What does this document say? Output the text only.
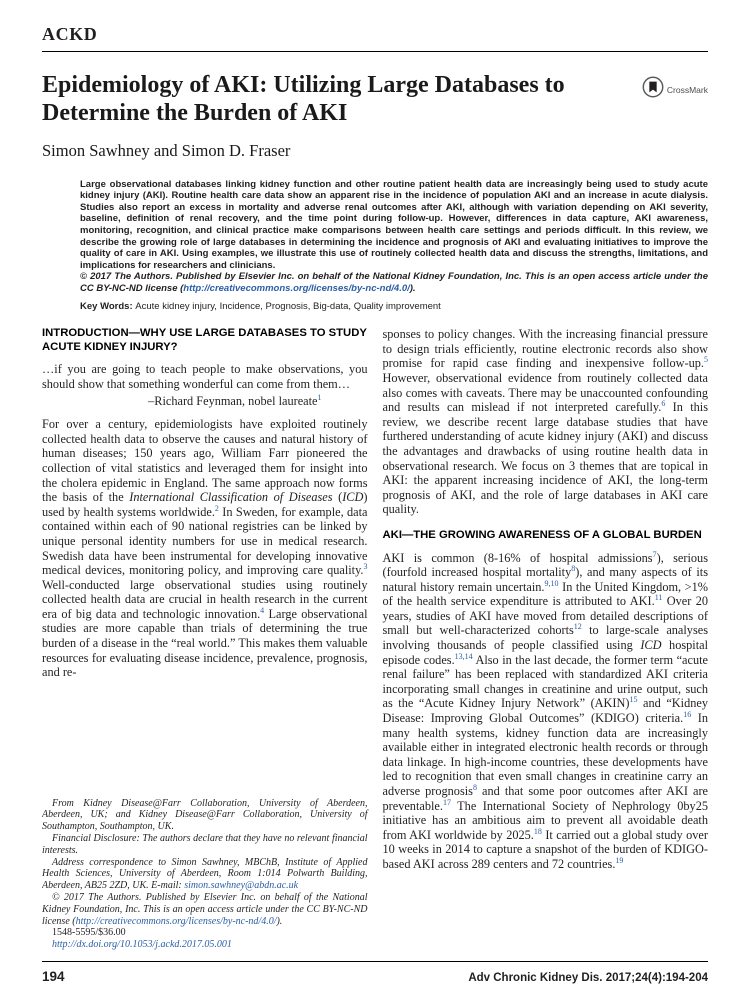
ACKD
Epidemiology of AKI: Utilizing Large Databases to Determine the Burden of AKI
CrossMark
Simon Sawhney and Simon D. Fraser

Large observational databases linking kidney function and other routine patient health data are increasingly being used to study acute kidney injury (AKI). Routine health care data show an apparent rise in the incidence of population AKI and an increase in acute dialysis. Studies also report an excess in mortality and adverse renal outcomes after AKI, although with variation depending on AKI severity, baseline, definition of renal recovery, and the time point during follow-up. However, differences in data capture, AKI awareness, monitoring, recognition, and clinical practice make comparisons between health care settings and periods difficult. In this review, we describe the growing role of large databases in determining the incidence and prognosis of AKI and evaluating initiatives to improve the quality of care in AKI. Using examples, we illustrate this use of routinely collected health data and discuss the strengths, limitations, and implications for researchers and clinicians.

© 2017 The Authors. Published by Elsevier Inc. on behalf of the National Kidney Foundation, Inc. This is an open access article under the CC BY-NC-ND license (http://creativecommons.org/licenses/by-nc-nd/4.0/).

Key Words: Acute kidney injury, Incidence, Prognosis, Big-data, Quality improvement

INTRODUCTION—WHY USE LARGE DATABASES TO STUDY ACUTE KIDNEY INJURY?

…if you are going to teach people to make observations, you should show that something wonderful can come from them…

–Richard Feynman, nobel laureate$^1$

For over a century, epidemiologists have exploited routinely collected health data to observe the causes and natural history of human diseases; 150 years ago, William Farr pioneered the collection of vital statistics and leveraged them for insight into the cholera epidemic in England. The same approach now forms the basis of the International Classification of Diseases (ICD) used by health systems worldwide.$^2$ In Sweden, for example, data contained within each of 90 national registries can be linked by unique personal identity numbers for use in medical research. Swedish data have been instrumental for developing innovative medical devices, monitoring policy, and improving care quality.$^3$ Well-conducted large observational studies using routinely collected health data are crucial in health research in the current era of big data and technologic innovation.$^4$ Large observational studies are more capable than trials of determining the true burden of a disease in the “real world.” This makes them valuable resources for evaluating disease incidence, prevalence, prognosis, and re-

From Kidney Disease@Farr Collaboration, University of Aberdeen, Aberdeen, UK; and Kidney Disease@Farr Collaboration, University of Southampton, Southampton, UK.

Financial Disclosure: The authors declare that they have no relevant financial interests.

Address correspondence to Simon Sawhney, MBChB, Institute of Applied Health Sciences, University of Aberdeen, Room 1:014 Polwarth Building, Aberdeen, AB25 2ZD, UK. E-mail: simon.sawhney@abdn.ac.uk

© 2017 The Authors. Published by Elsevier Inc. on behalf of the National Kidney Foundation, Inc. This is an open access article under the CC BY-NC-ND license (http://creativecommons.org/licenses/by-nc-nd/4.0/).

1548-5595/$36.00

http://dx.doi.org/10.1053/j.ackd.2017.05.001

sponses to policy changes. With the increasing financial pressure to design trials efficiently, routine electronic records also show promise for rapid case finding and inexpensive follow-up.$^5$ However, observational evidence from routinely collected data also comes with caveats. There may be unaccounted confounding and results can mislead if not interpreted carefully.$^6$ In this review, we describe recent large database studies that have furthered understanding of acute kidney injury (AKI) and discuss the advantages and drawbacks of using routine health data in observational research. We focus on 3 themes that are topical in AKI: the apparent increasing incidence of AKI, the long-term prognosis of AKI, and the role of large databases in AKI care quality.

AKI—THE GROWING AWARENESS OF A GLOBAL BURDEN

AKI is common (8-16% of hospital admissions$^7$), serious (fourfold increased hospital mortality$^8$), and many aspects of its natural history remain uncertain.$^{9,10}$ In the United Kingdom, >1% of the health service expenditure is attributed to AKI.$^{11}$ Over 20 years, studies of AKI have moved from detailed descriptions of small but well-characterized cohorts$^{12}$ to large-scale analyses involving thousands of people classified using ICD hospital episode codes.$^{13,14}$ Also in the last decade, the former term “acute renal failure” has been replaced with standardized AKI criteria incorporating small changes in creatinine and urine output, such as the “Acute Kidney Injury Network” (AKIN)$^{15}$ and “Kidney Disease: Improving Global Outcomes” (KDIGO) criteria.$^{16}$ In many health systems, kidney function data are increasingly available either in integrated electronic health records or through data linkage. In high-income countries, these developments have led to recognition that even small changes in creatinine carry an adverse prognosis$^8$ and that some poor outcomes after AKI are preventable.$^{17}$ The International Society of Nephrology 0by25 initiative has an ambitious aim to prevent all avoidable death from AKI worldwide by 2025.18 It carried out a global study over 10 weeks in 2014 to capture a snapshot of the burden of KDIGO-based AKI across 289 centers and 72 countries.$^{19}$

194	Adv Chronic Kidney Dis. 2017;24(4):194-204
